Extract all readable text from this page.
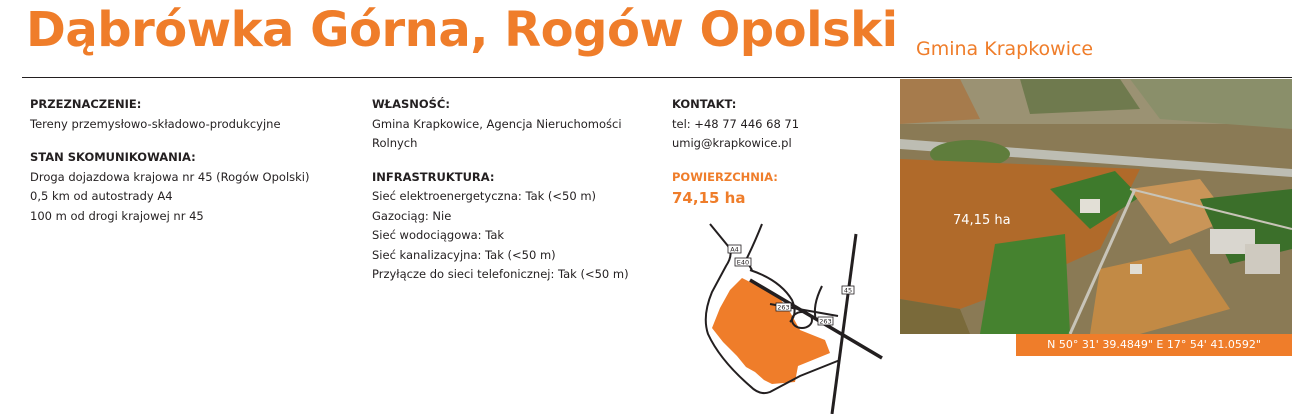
Dąbrówka Górna, Rogów Opolski Gmina Krapkowice
PRZEZNACZENIE:
Tereny przemysłowo-składowo-produkcyjne
STAN SKOMUNIKOWANIA:
Droga dojazdowa krajowa nr 45 (Rogów Opolski)
0,5 km od autostrady A4
100 m od drogi krajowej nr 45
WŁASNOŚĆ:
Gmina Krapkowice, Agencja Nieruchomości
Rolnych
INFRASTRUKTURA:
Sieć elektroenergetyczna: Tak (<50 m)
Gazociąg: Nie
Sieć wodociągowa: Tak
Sieć kanalizacyjna: Tak (<50 m)
Przyłącze do sieci telefonicznej: Tak (<50 m)
KONTAKT:
tel: +48 77 446 68 71
umig@krapkowice.pl
POWIERZCHNIA:
74,15 ha
A4
E40
263
263
45
74,15 ha
N 50° 31' 39.4849" E 17° 54' 41.0592"
